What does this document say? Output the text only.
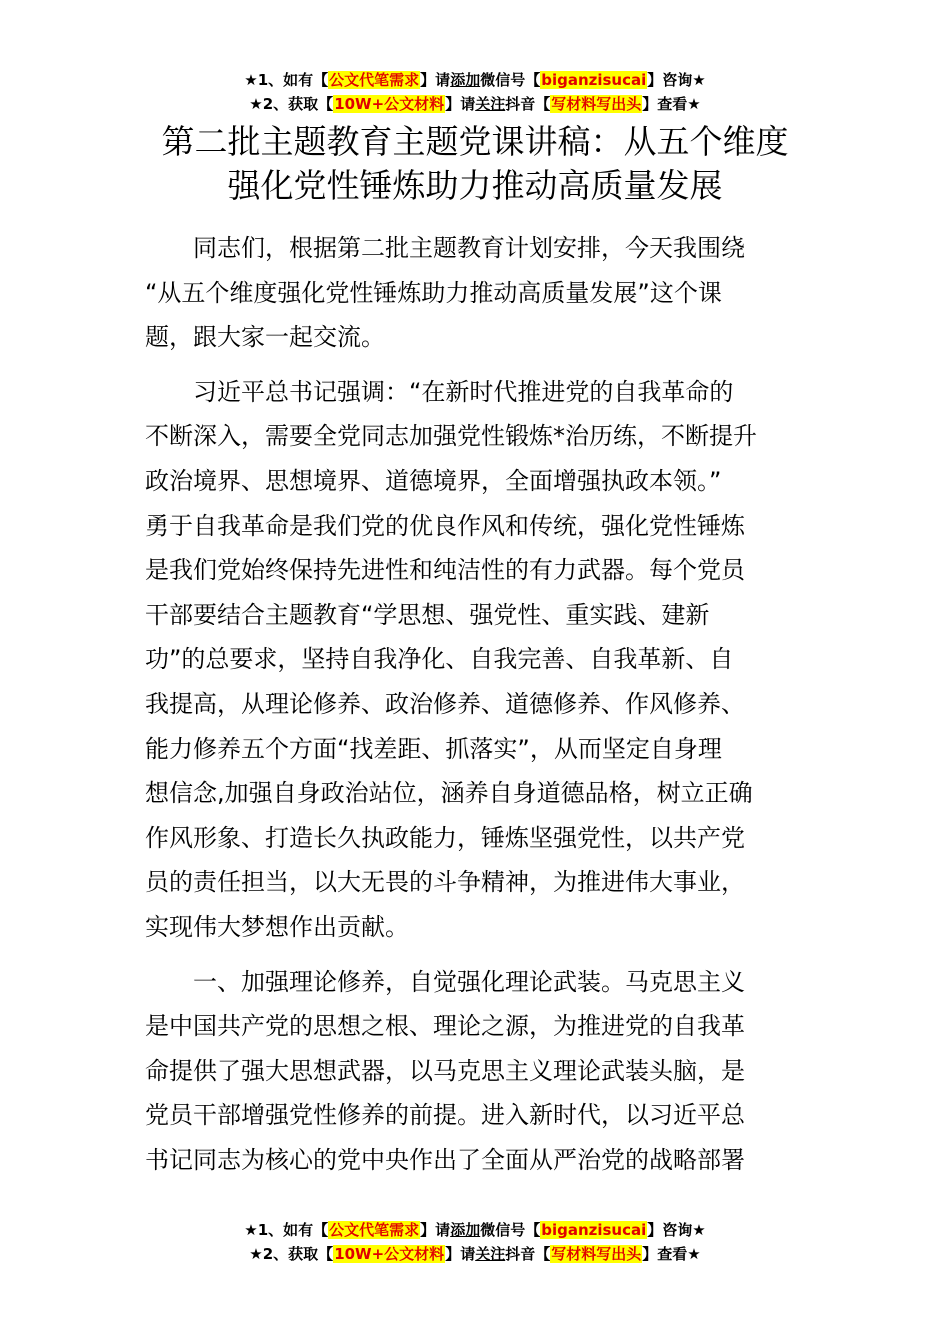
★1、如有【公文代笔需求】请添加微信号【biganzisucai】咨询★
★2、获取【10W+公文材料】请关注抖音【写材料写出头】查看★
第二批主题教育主题党课讲稿：从五个维度
强化党性锤炼助力推动高质量发展
同志们，根据第二批主题教育计划安排，今天我围绕
“从五个维度强化党性锤炼助力推动高质量发展”这个课
题，跟大家一起交流。
习近平总书记强调：“在新时代推进党的自我革命的
不断深入，需要全党同志加强党性锻炼*治历练，不断提升
政治境界、思想境界、道德境界，全面增强执政本领。”
勇于自我革命是我们党的优良作风和传统，强化党性锤炼
是我们党始终保持先进性和纯洁性的有力武器。每个党员
干部要结合主题教育“学思想、强党性、重实践、建新
功”的总要求，坚持自我净化、自我完善、自我革新、自
我提高，从理论修养、政治修养、道德修养、作风修养、
能力修养五个方面“找差距、抓落实”，从而坚定自身理
想信念,加强自身政治站位，涵养自身道德品格，树立正确
作风形象、打造长久执政能力，锤炼坚强党性，以共产党
员的责任担当，以大无畏的斗争精神，为推进伟大事业，
实现伟大梦想作出贡献。
一、加强理论修养，自觉强化理论武装。马克思主义
是中国共产党的思想之根、理论之源，为推进党的自我革
命提供了强大思想武器，以马克思主义理论武装头脑，是
党员干部增强党性修养的前提。进入新时代，以习近平总
书记同志为核心的党中央作出了全面从严治党的战略部署
★1、如有【公文代笔需求】请添加微信号【biganzisucai】咨询★
★2、获取【10W+公文材料】请关注抖音【写材料写出头】查看★
